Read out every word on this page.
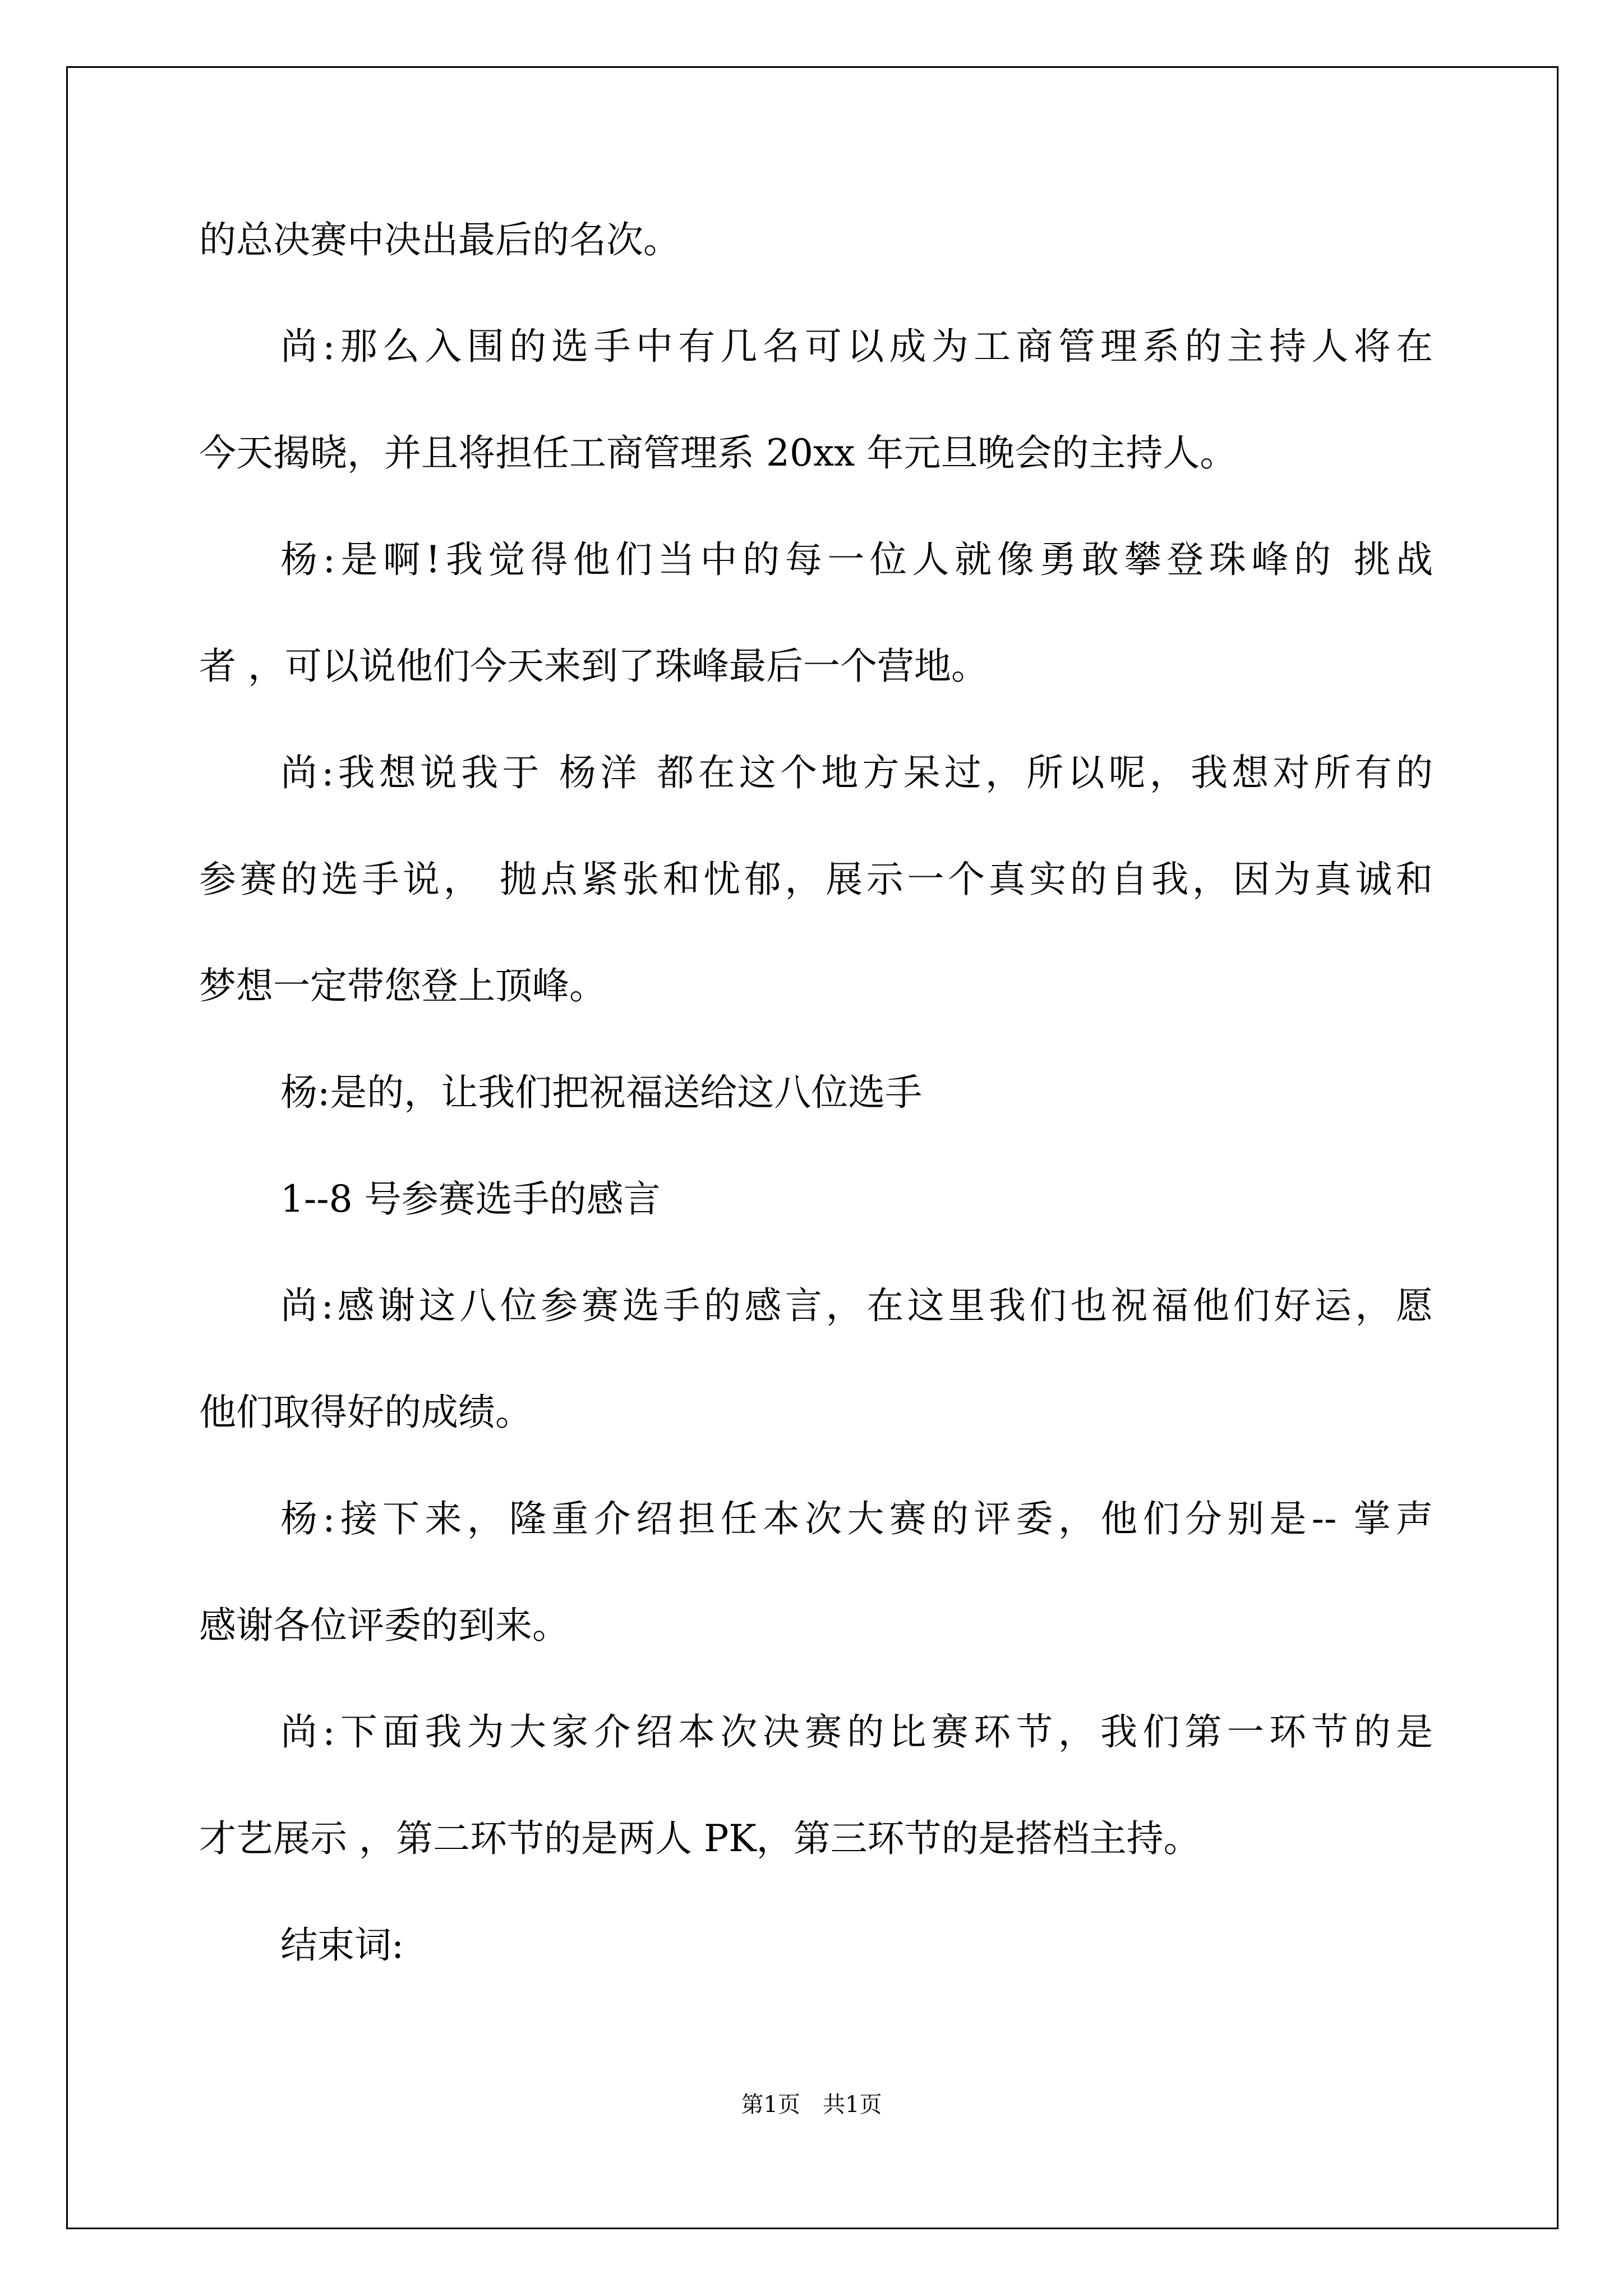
的总决赛中决出最后的名次。
尚:那么入围的选手中有几名可以成为工商管理系的主持人将在
今天揭晓，并且将担任工商管理系 20xx 年元旦晚会的主持人。
杨:是啊!我觉得他们当中的每一位人就像勇敢攀登珠峰的 挑战
者 ，可以说他们今天来到了珠峰最后一个营地。
尚:我想说我于 杨洋 都在这个地方呆过，所以呢，我想对所有的
参赛的选手说， 抛点紧张和忧郁，展示一个真实的自我，因为真诚和
梦想一定带您登上顶峰。
杨:是的，让我们把祝福送给这八位选手
1--8 号参赛选手的感言
尚:感谢这八位参赛选手的感言，在这里我们也祝福他们好运，愿
他们取得好的成绩。
杨:接下来，隆重介绍担任本次大赛的评委，他们分别是-- 掌声
感谢各位评委的到来。
尚:下面我为大家介绍本次决赛的比赛环节，我们第一环节的是
才艺展示 ，第二环节的是两人 PK，第三环节的是搭档主持。
结束词:
第1页 共1页
